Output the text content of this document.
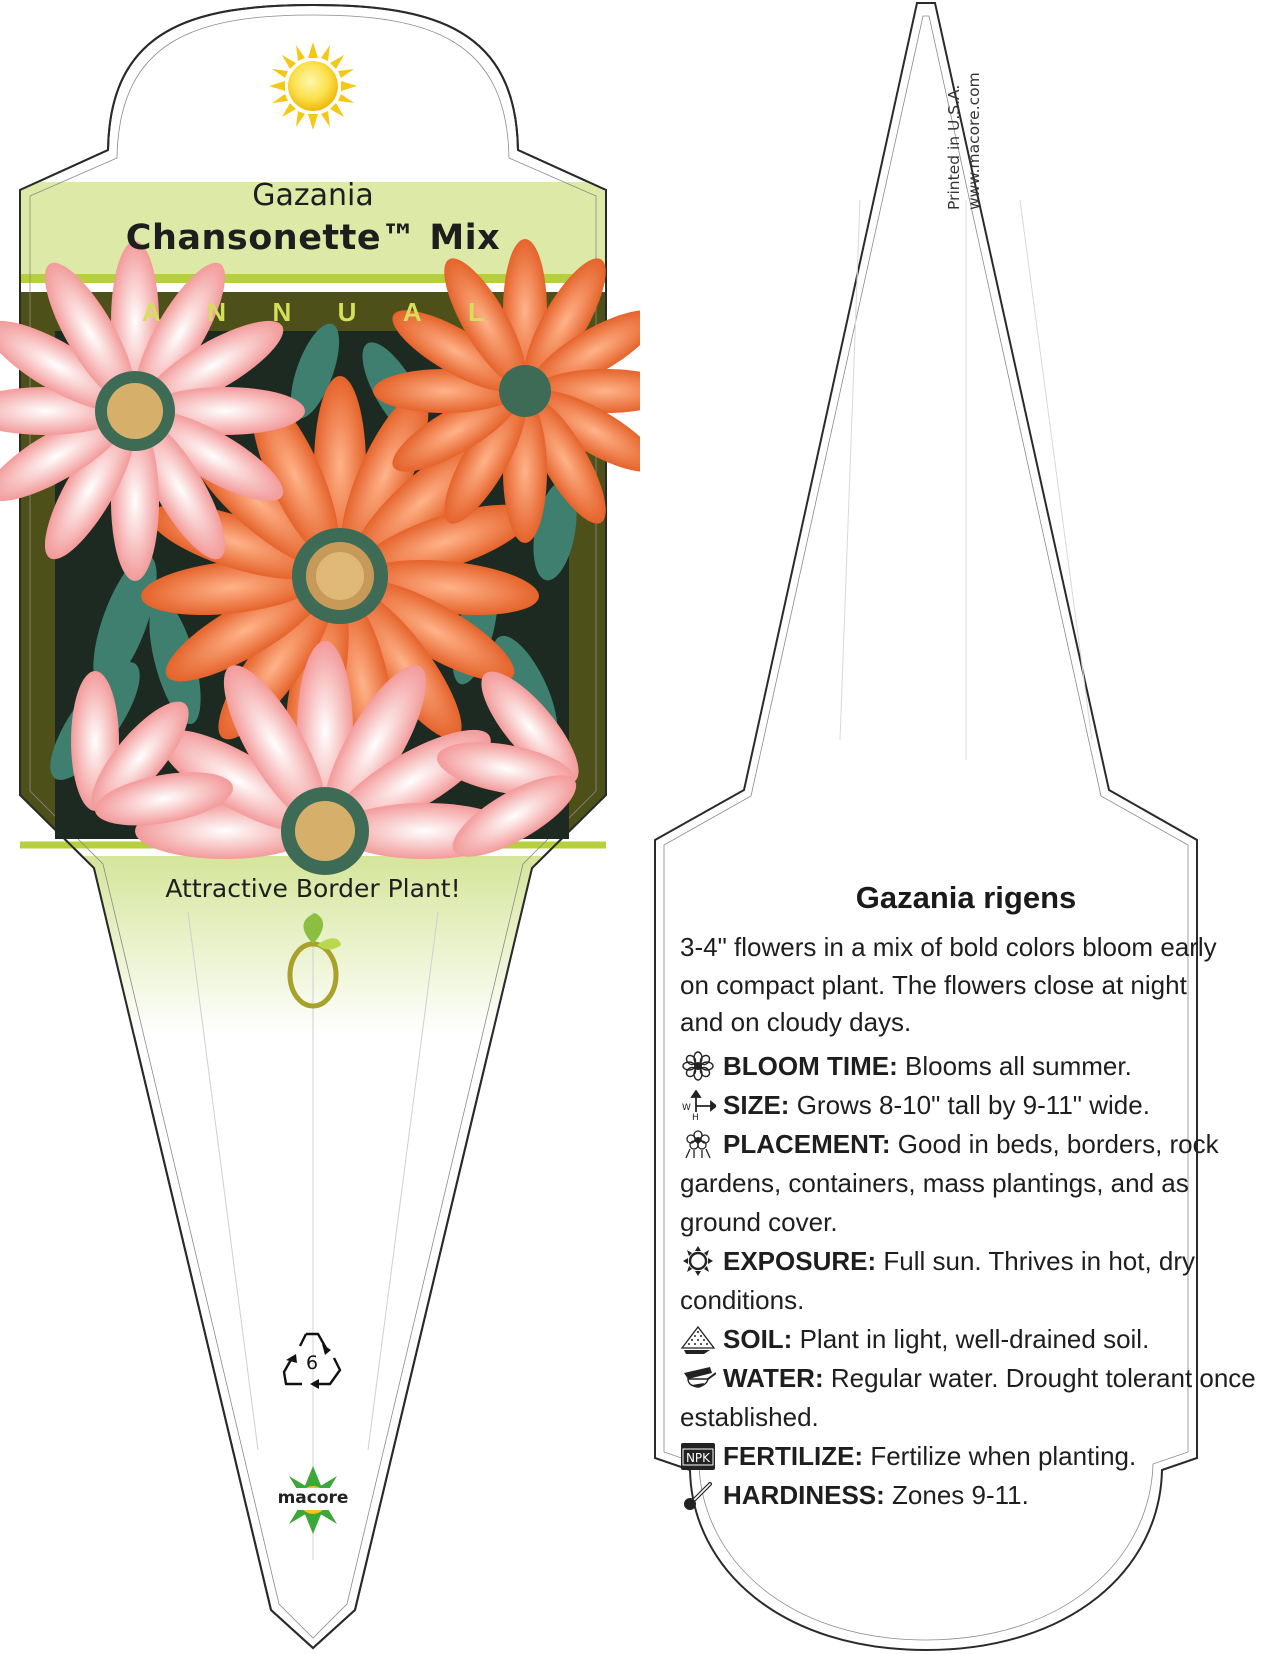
Gazania
Chansonette™ Mix
A N N U A L
Attractive Border Plant!
6
macore
Printed in U.S.A. www.macore.com
Gazania rigens
3-4" flowers in a mix of bold colors bloom early on compact plant. The flowers close at night and on cloudy days.
BLOOM TIME: Blooms all summer.
W
H SIZE: Grows 8-10" tall by 9-11" wide.
PLACEMENT: Good in beds, borders, rock gardens, containers, mass plantings, and as ground cover.
EXPOSURE: Full sun. Thrives in hot, dry conditions.
SOIL: Plant in light, well-drained soil.
WATER: Regular water. Drought tolerant once established.
NPK FERTILIZE: Fertilize when planting.
HARDINESS: Zones 9-11.
